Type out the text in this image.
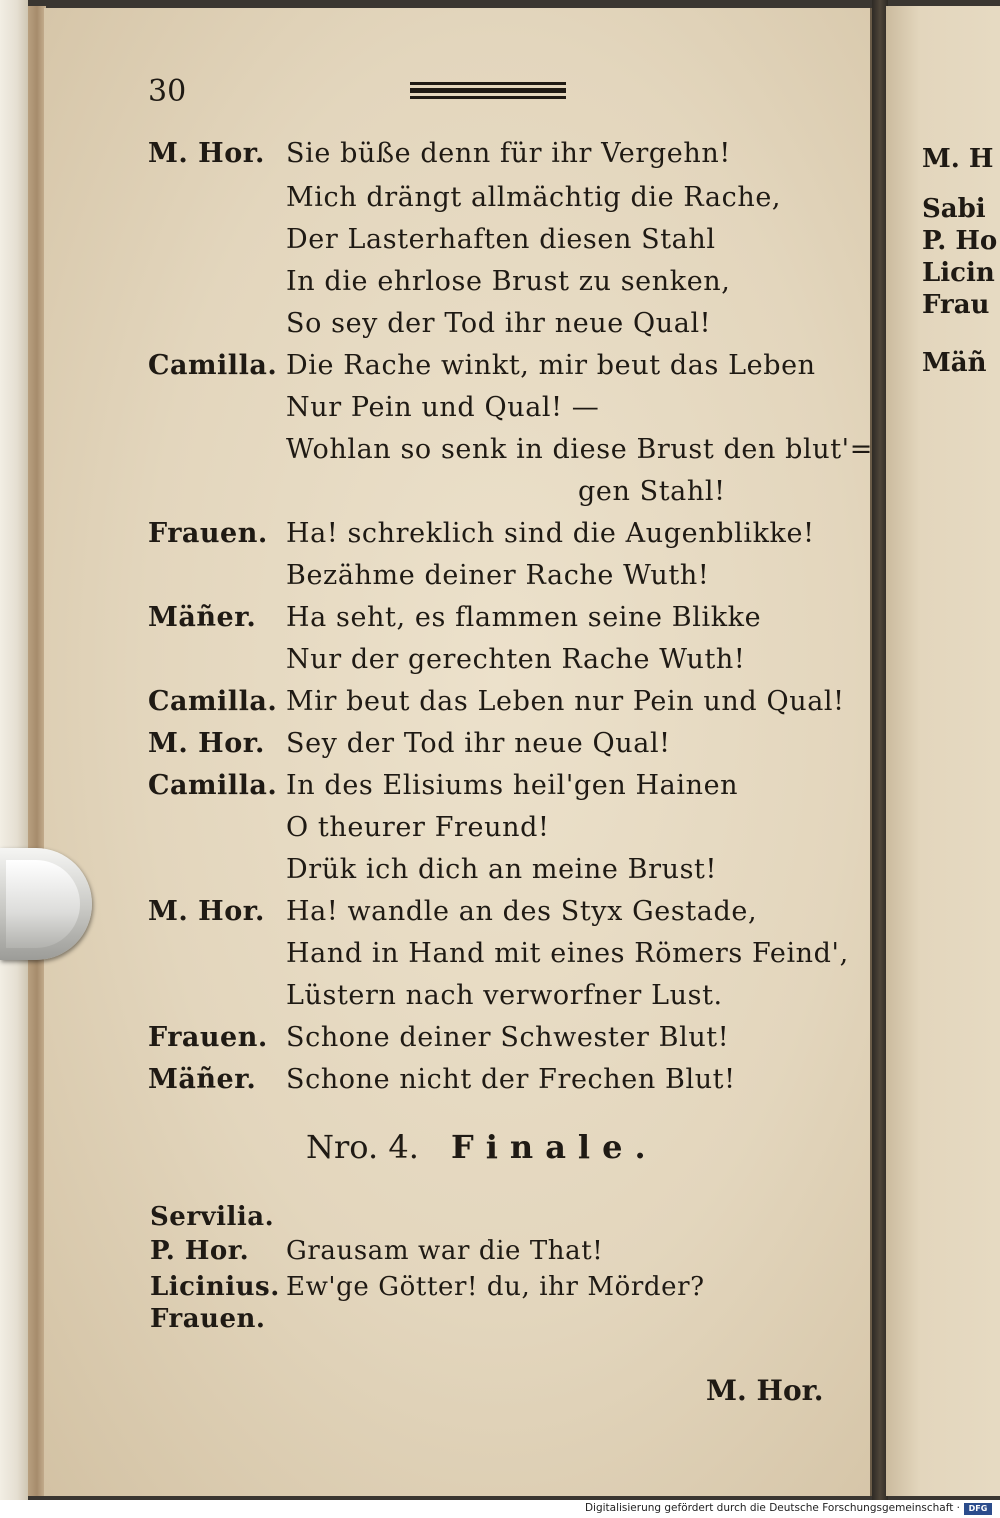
M. H
Sabi
P. Ho
Licin
Frau
Mäñ
30
M. Hor. Sie büße denn für ihr Vergehn!
Mich drängt allmächtig die Rache,
Der Lasterhaften diesen Stahl
In die ehrlose Brust zu senken,
So sey der Tod ihr neue Qual!
Camilla. Die Rache winkt, mir beut das Leben
Nur Pein und Qual! —
Wohlan so senk in diese Brust den blut'=
gen Stahl!
Frauen. Ha! schreklich sind die Augenblikke!
Bezähme deiner Rache Wuth!
Mäñer. Ha seht, es flammen seine Blikke
Nur der gerechten Rache Wuth!
Camilla. Mir beut das Leben nur Pein und Qual!
M. Hor. Sey der Tod ihr neue Qual!
Camilla. In des Elisiums heil'gen Hainen
O theurer Freund!
Drük ich dich an meine Brust!
M. Hor. Ha! wandle an des Styx Gestade,
Hand in Hand mit eines Römers Feind',
Lüstern nach verworfner Lust.
Frauen. Schone deiner Schwester Blut!
Mäñer. Schone nicht der Frechen Blut!
Nro. 4. Finale.
Servilia.
P. Hor. Grausam war die That!
Licinius. Ew'ge Götter! du, ihr Mörder?
Frauen.
M. Hor.
Digitalisierung gefördert durch die Deutsche Forschungsgemeinschaft ·	DFG
